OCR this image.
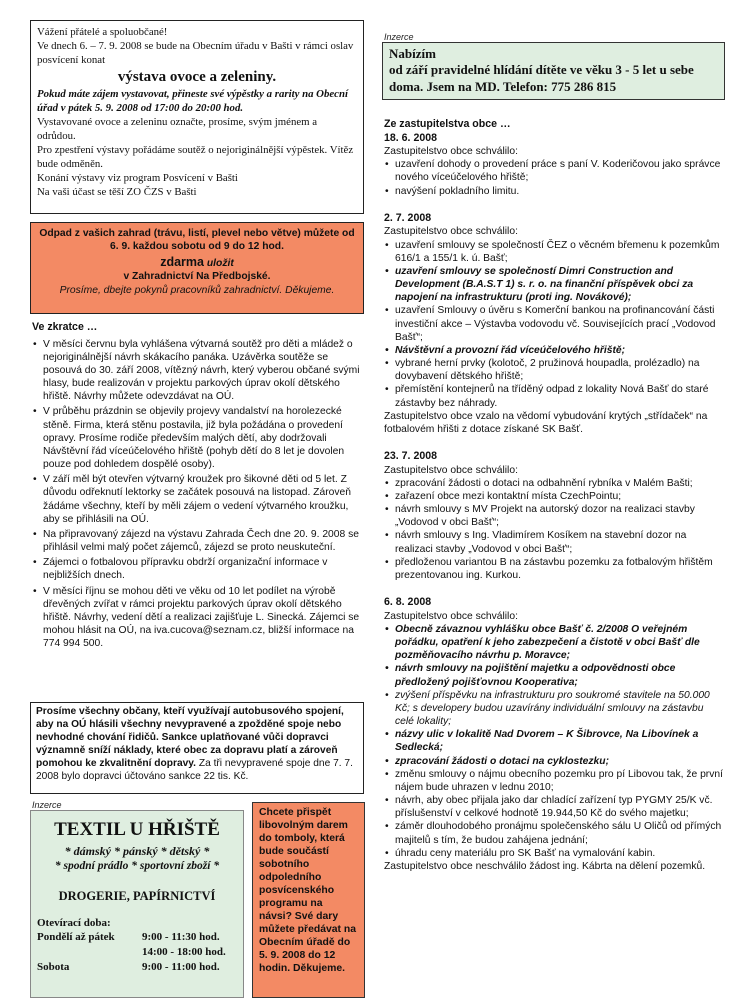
Vážení přátelé a spoluobčané!

Ve dnech 6. – 7. 9. 2008 se bude na Obecním úřadu v Bašti v rámci oslav posvícení konat

výstava ovoce a zeleniny.

Pokud máte zájem vystavovat, přineste své výpěstky a rarity na Obecní úřad v pátek 5. 9. 2008 od 17:00 do 20:00 hod.

Vystavované ovoce a zeleninu označte, prosíme, svým jménem a odrůdou.

Pro zpestření výstavy pořádáme soutěž o nejoriginálnější výpěstek. Vítěz bude odměněn.

Konání výstavy viz program Posvícení v Bašti

Na vaši účast se těší ZO ČZS v Bašti

Odpad z vašich zahrad (trávu, listí, plevel nebo větve) můžete od 6. 9. každou sobotu od 9 do 12 hod.

zdarma uložit

v Zahradnictví Na Předbojské.

Prosíme, dbejte pokynů pracovníků zahradnictví. Děkujeme.

Ve zkratce …

• V měsíci červnu byla vyhlášena výtvarná soutěž pro děti a mládež o nejoriginálnější návrh skákacího panáka. Uzávěrka soutěže se posouvá do 30. září 2008, vítězný návrh, který vyberou občané svými hlasy, bude realizován v projektu parkových úprav okolí dětského hřiště. Návrhy můžete odevzdávat na OÚ.
• V průběhu prázdnin se objevily projevy vandalství na horolezecké stěně. Firma, která stěnu postavila, již byla požádána o provedení opravy. Prosíme rodiče především malých dětí, aby dodržovali Návštěvní řád víceúčelového hřiště (pohyb dětí do 8 let je dovolen pouze pod dohledem dospělé osoby).
• V září měl být otevřen výtvarný kroužek pro šikovné děti od 5 let. Z důvodu odřeknutí lektorky se začátek posouvá na listopad. Zároveň žádáme všechny, kteří by měli zájem o vedení výtvarného kroužku, aby se přihlásili na OÚ.
• Na připravovaný zájezd na výstavu Zahrada Čech dne 20. 9. 2008 se přihlásil velmi malý počet zájemců, zájezd se proto neuskuteční.
• Zájemci o fotbalovou přípravku obdrží organizační informace v nejbližších dnech.
• V měsíci říjnu se mohou děti ve věku od 10 let podílet na výrobě dřevěných zvířat v rámci projektu parkových úprav okolí dětského hřiště. Návrhy, vedení dětí a realizaci zajišťuje L. Sinecká. Zájemci se mohou hlásit na OÚ, na iva.cucova@seznam.cz, bližší informace na 774 994 500.
Prosíme všechny občany, kteří využívají autobusového spojení, aby na OÚ hlásili všechny nevypravené a zpožděné spoje nebo nevhodné chování řidičů. Sankce uplatňované vůči dopravci významně sníží náklady, které obec za dopravu platí a zároveň pomohou ke zkvalitnění dopravy. Za tři nevypravené spoje dne 7. 7. 2008 bylo dopravci účtováno sankce 22 tis. Kč.
Inzerce

TEXTIL U HŘIŠTĚ

* dámský * pánský * dětský *

* spodní prádlo * sportovní zboží *

DROGERIE, PAPÍRNICTVÍ

Otevírací doba:

Pondělí až pátek	9:00 - 11:30 hod.
14:00 - 18:00 hod.
Sobota	9:00 - 11:00 hod.
Chcete přispět libovolným darem do tomboly, která bude součástí sobotního odpoledního posvícenského programu na návsi? Své dary můžete předávat na Obecním úřadě do 5. 9. 2008 do 12 hodin. Děkujeme.
Inzerce

Nabízím

od září pravidelné hlídání dítěte ve věku 3 - 5 let u sebe doma. Jsem na MD. Telefon: 775 286 815

Ze zastupitelstva obce …

18. 6. 2008

Zastupitelstvo obce schválilo:

• uzavření dohody o provedení práce s paní V. Koderičovou jako správce nového víceúčelového hřiště;
• navýšení pokladního limitu.

2. 7. 2008

Zastupitelstvo obce schválilo:

• uzavření smlouvy se společností ČEZ o věcném břemenu k pozemkům 616/1 a 155/1 k. ú. Bašť;
• uzavření smlouvy se společností Dimri Construction and Development (B.A.S.T 1) s. r. o. na finanční příspěvek obci za napojení na infrastrukturu (proti ing. Novákové);
• uzavření Smlouvy o úvěru s Komerční bankou na profinancování části investiční akce – Výstavba vodovodu vč. Souvisejících prací „Vodovod Bašť“;
• Návštěvní a provozní řád víceúčelového hřiště;
• vybrané herní prvky (kolotoč, 2 pružinová houpadla, prolézadlo) na dovybavení dětského hřiště;
• přemístění kontejnerů na tříděný odpad z lokality Nová Bašť do staré zástavby bez náhrady.

Zastupitelstvo obce vzalo na vědomí vybudování krytých „střídaček“ na fotbalovém hřišti z dotace získané SK Bašť.

23. 7. 2008

Zastupitelstvo obce schválilo:

• zpracování žádosti o dotaci na odbahnění rybníka v Malém Bašti;
• zařazení obce mezi kontaktní místa CzechPointu;
• návrh smlouvy s MV Projekt na autorský dozor na realizaci stavby „Vodovod v obci Bašť“;
• návrh smlouvy s Ing. Vladimírem Kosíkem na stavební dozor na realizaci stavby „Vodovod v obci Bašť“;
• předloženou variantou B na zástavbu pozemku za fotbalovým hřištěm prezentovanou ing. Kurkou.

6. 8. 2008

Zastupitelstvo obce schválilo:

• Obecně závaznou vyhlášku obce Bašť č. 2/2008 O veřejném pořádku, opatření k jeho zabezpečení a čistotě v obci Bašť dle pozměňovacího návrhu p. Moravce;
• návrh smlouvy na pojištění majetku a odpovědnosti obce předložený pojišťovnou Kooperativa;
• zvýšení příspěvku na infrastrukturu pro soukromé stavitele na 50.000 Kč; s developery budou uzavírány individuální smlouvy na zástavbu celé lokality;
• názvy ulic v lokalitě Nad Dvorem – K Šibrovce, Na Libovínek a Sedlecká;
• zpracování žádosti o dotaci na cyklostezku;
• změnu smlouvy o nájmu obecního pozemku pro pí Libovou tak, že první nájem bude uhrazen v lednu 2010;
• návrh, aby obec přijala jako dar chladící zařízení typ PYGMY 25/K vč. příslušenství v celkové hodnotě 19.944,50 Kč do svého majetku;
• záměr dlouhodobého pronájmu společenského sálu U Oličů od přímých majitelů s tím, že budou zahájena jednání;
• úhradu ceny materiálu pro SK Bašť na vymalování kabin.

Zastupitelstvo obce neschválilo žádost ing. Kábrta na dělení pozemků.
